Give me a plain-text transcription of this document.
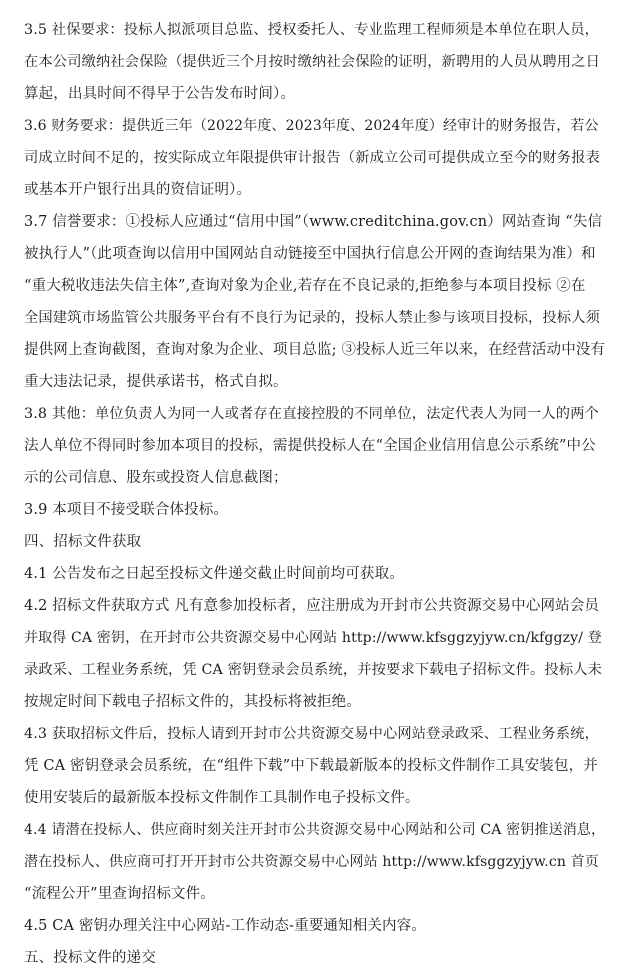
3.5 社保要求：投标人拟派项目总监、授权委托人、专业监理工程师须是本单位在职人员，
在本公司缴纳社会保险（提供近三个月按时缴纳社会保险的证明，新聘用的人员从聘用之日
算起，出具时间不得早于公告发布时间）。
3.6 财务要求：提供近三年（2022年度、2023年度、2024年度）经审计的财务报告，若公
司成立时间不足的，按实际成立年限提供审计报告（新成立公司可提供成立至今的财务报表
或基本开户银行出具的资信证明）。
3.7 信誉要求：①投标人应通过“信用中国”（www.creditchina.gov.cn）网站查询 “失信
被执行人”（此项查询以信用中国网站自动链接至中国执行信息公开网的查询结果为准）和
“重大税收违法失信主体”,查询对象为企业,若存在不良记录的,拒绝参与本项目投标 ②在
全国建筑市场监管公共服务平台有不良行为记录的，投标人禁止参与该项目投标，投标人须
提供网上查询截图，查询对象为企业、项目总监; ③投标人近三年以来，在经营活动中没有
重大违法记录，提供承诺书，格式自拟。
3.8 其他：单位负责人为同一人或者存在直接控股的不同单位，法定代表人为同一人的两个
法人单位不得同时参加本项目的投标，需提供投标人在“全国企业信用信息公示系统”中公
示的公司信息、股东或投资人信息截图；
3.9 本项目不接受联合体投标。
四、招标文件获取
4.1 公告发布之日起至投标文件递交截止时间前均可获取。
4.2 招标文件获取方式 凡有意参加投标者，应注册成为开封市公共资源交易中心网站会员
并取得 CA 密钥，在开封市公共资源交易中心网站 http://www.kfsggzyjyw.cn/kfggzy/ 登
录政采、工程业务系统，凭 CA 密钥登录会员系统，并按要求下载电子招标文件。投标人未
按规定时间下载电子招标文件的，其投标将被拒绝。
4.3 获取招标文件后，投标人请到开封市公共资源交易中心网站登录政采、工程业务系统，
凭 CA 密钥登录会员系统，在“组件下载”中下载最新版本的投标文件制作工具安装包，并
使用安装后的最新版本投标文件制作工具制作电子投标文件。
4.4 请潜在投标人、供应商时刻关注开封市公共资源交易中心网站和公司 CA 密钥推送消息，
潜在投标人、供应商可打开开封市公共资源交易中心网站 http://www.kfsggzyjyw.cn 首页
“流程公开”里查询招标文件。
4.5 CA 密钥办理关注中心网站-工作动态-重要通知相关内容。
五、投标文件的递交
